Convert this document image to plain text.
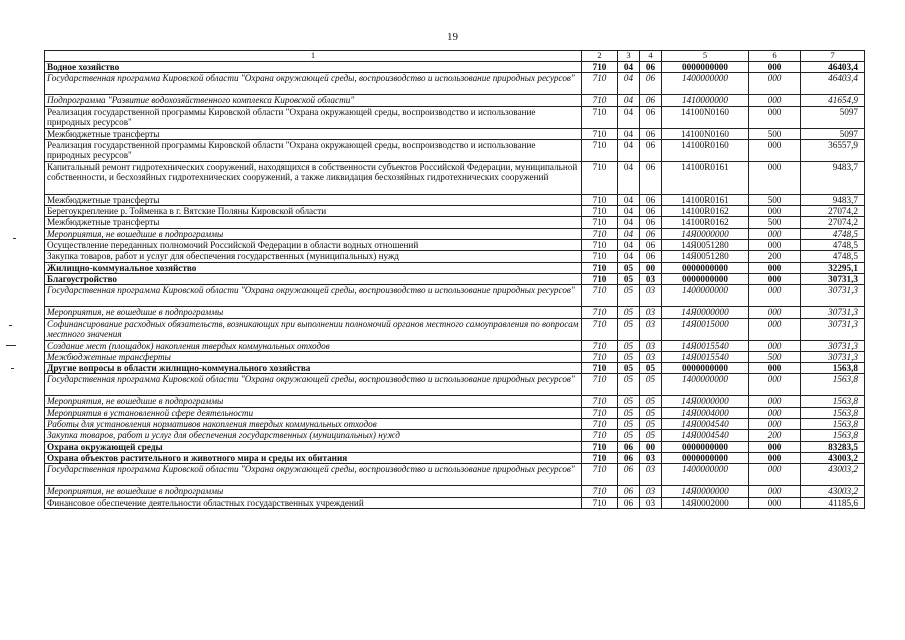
19
1	2	3	4	5	6	7
Водное хозяйство	710	04	06	0000000000	000	46403,4
Государственная программа Кировской области "Охрана окружающей среды, воспроизводство и использование природных ресурсов"	710	04	06	1400000000	000	46403,4
Подпрограмма "Развитие водохозяйственного комплекса Кировской области"	710	04	06	1410000000	000	41654,9
Реализация государственной программы Кировской области "Охрана окружающей среды, воспроизводство и использование природных ресурсов"	710	04	06	14100N0160	000	5097
Межбюджетные трансферты	710	04	06	14100N0160	500	5097
Реализация государственной программы Кировской области "Охрана окружающей среды, воспроизводство и использование природных ресурсов"	710	04	06	14100R0160	000	36557,9
Капитальный ремонт гидротехнических сооружений, находящихся в собственности субъектов Российской Федерации, муниципальной собственности, и бесхозяйных гидротехнических сооружений, а также ликвидация бесхозяйных гидротехнических сооружений	710	04	06	14100R0161	000	9483,7
Межбюджетные трансферты	710	04	06	14100R0161	500	9483,7
Берегоукрепление р. Тойменка в г. Вятские Поляны Кировской области	710	04	06	14100R0162	000	27074,2
Межбюджетные трансферты	710	04	06	14100R0162	500	27074,2
Мероприятия, не вошедшие в подпрограммы	710	04	06	14Я0000000	000	4748,5
Осуществление переданных полномочий Российской Федерации в области водных отношений	710	04	06	14Я0051280	000	4748,5
Закупка товаров, работ и услуг для обеспечения государственных (муниципальных) нужд	710	04	06	14Я0051280	200	4748,5
Жилищно-коммунальное хозяйство	710	05	00	0000000000	000	32295,1
Благоустройство	710	05	03	0000000000	000	30731,3
Государственная программа Кировской области "Охрана окружающей среды, воспроизводство и использование природных ресурсов"	710	05	03	1400000000	000	30731,3
Мероприятия, не вошедшие в подпрограммы	710	05	03	14Я0000000	000	30731,3
Софинансирование расходных обязательств, возникающих при выполнении полномочий органов местного самоуправления по вопросам местного значения	710	05	03	14Я0015000	000	30731,3
Создание мест (площадок) накопления твердых коммунальных отходов	710	05	03	14Я0015540	000	30731,3
Межбюджетные трансферты	710	05	03	14Я0015540	500	30731,3
Другие вопросы в области жилищно-коммунального хозяйства	710	05	05	0000000000	000	1563,8
Государственная программа Кировской области "Охрана окружающей среды, воспроизводство и использование природных ресурсов"	710	05	05	1400000000	000	1563,8
Мероприятия, не вошедшие в подпрограммы	710	05	05	14Я0000000	000	1563,8
Мероприятия в установленной сфере деятельности	710	05	05	14Я0004000	000	1563,8
Работы для установления нормативов накопления твердых коммунальных отходов	710	05	05	14Я0004540	000	1563,8
Закупка товаров, работ и услуг для обеспечения государственных (муниципальных) нужд	710	05	05	14Я0004540	200	1563,8
Охрана окружающей среды	710	06	00	0000000000	000	83283,5
Охрана объектов растительного и животного мира и среды их обитания	710	06	03	0000000000	000	43003,2
Государственная программа Кировской области "Охрана окружающей среды, воспроизводство и использование природных ресурсов"	710	06	03	1400000000	000	43003,2
Мероприятия, не вошедшие в подпрограммы	710	06	03	14Я0000000	000	43003,2
Финансовое обеспечение деятельности областных государственных учреждений	710	06	03	14Я0002000	000	41185,6
